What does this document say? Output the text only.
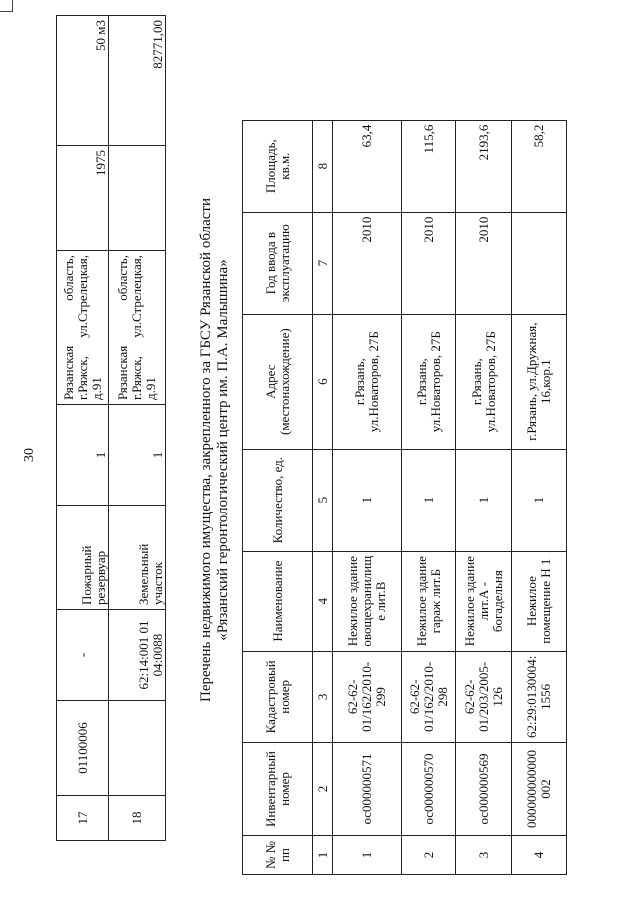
30
17	01100006	-	Пожарный резервуар	1	Рязанская область, г.Ряжск, ул.Стрелецкая, д.91	1975	50 м3
18		62:14:001 01 04:0088	Земельный участок	1	Рязанская область, г.Ряжск, ул.Стрелецкая, д.91		82771,00
Перечень недвижимого имущества, закрепленного за ГБСУ Рязанской области «Рязанский геронтологический центр им. П.А. Малышина»
№ № пп	Инвентарный номер	Кадастровый номер	Наименование	Количество, ед.	Адрес (местонахождение)	Год ввода в эксплуатацию	Площадь, кв.м.
1	2	3	4	5	6	7	8
1	ос000000571	62-62-01/162/2010-299	Нежилое здание овощехранилищ е лит.В	1	г.Рязань, ул.Новаторов, 27Б	2010	63,4
2	ос000000570	62-62-01/162/2010-298	Нежилое здание гараж лит.Б	1	г.Рязань, ул.Новаторов, 27Б	2010	115,6
3	ос000000569	62-62-01/203/2005-126	Нежилое здание лит.А - богадельня	1	г.Рязань, ул.Новаторов, 27Б	2010	2193,6
4	000000000000 002	62:29:0130004: 1556	Нежилое помещение Н 1	1	г.Рязань, ул.Дружная, 16,кор.1		58,2
